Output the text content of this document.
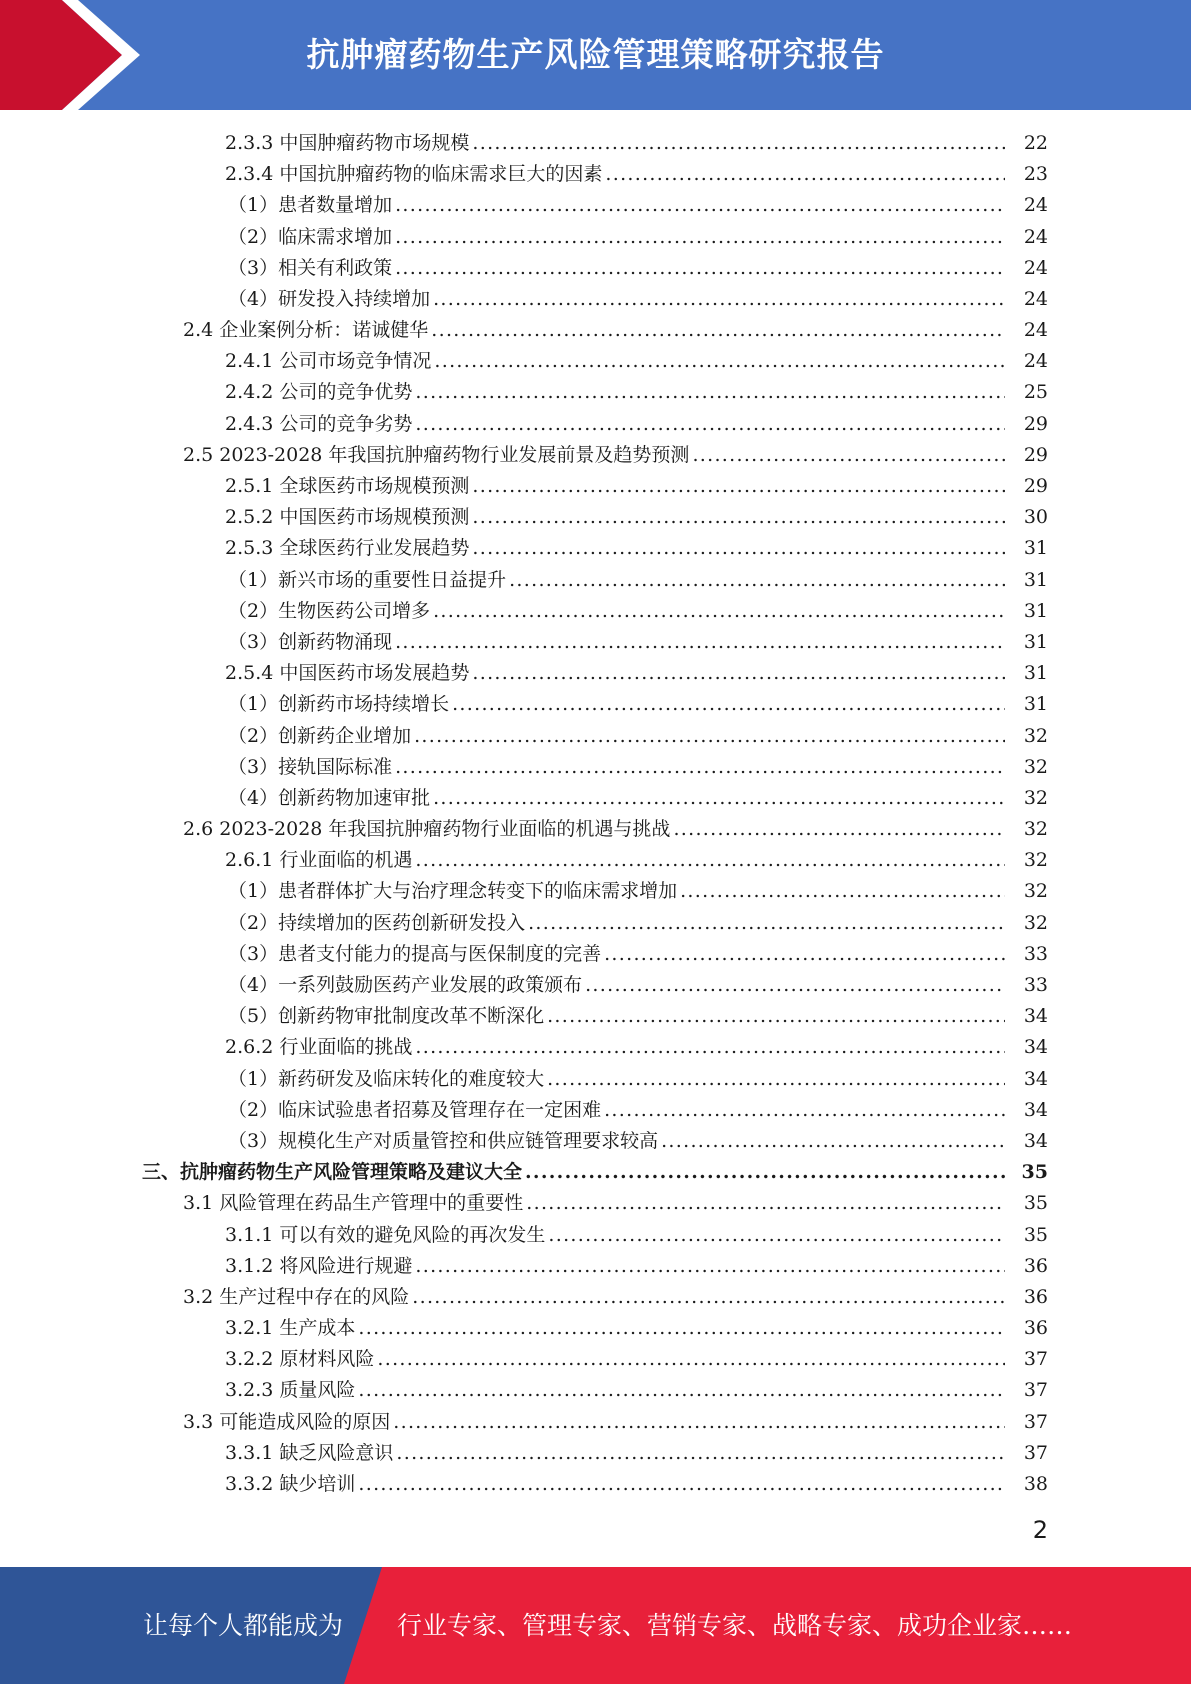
抗肿瘤药物生产风险管理策略研究报告
2.3.3 中国肿瘤药物市场规模 .....	22
2.3.4 中国抗肿瘤药物的临床需求巨大的因素 .....	23
（1）患者数量增加 .....	24
（2）临床需求增加 .....	24
（3）相关有利政策 .....	24
（4）研发投入持续增加 .....	24
2.4 企业案例分析：诺诚健华 .....	24
2.4.1 公司市场竞争情况 .....	24
2.4.2 公司的竞争优势 .....	25
2.4.3 公司的竞争劣势 .....	29
2.5 2023-2028 年我国抗肿瘤药物行业发展前景及趋势预测 .....	29
2.5.1 全球医药市场规模预测 .....	29
2.5.2 中国医药市场规模预测 .....	30
2.5.3 全球医药行业发展趋势 .....	31
（1）新兴市场的重要性日益提升 .....	31
（2）生物医药公司增多 .....	31
（3）创新药物涌现 .....	31
2.5.4 中国医药市场发展趋势 .....	31
（1）创新药市场持续增长 .....	31
（2）创新药企业增加 .....	32
（3）接轨国际标准 .....	32
（4）创新药物加速审批 .....	32
2.6 2023-2028 年我国抗肿瘤药物行业面临的机遇与挑战 .....	32
2.6.1 行业面临的机遇 .....	32
（1）患者群体扩大与治疗理念转变下的临床需求增加 .....	32
（2）持续增加的医药创新研发投入 .....	32
（3）患者支付能力的提高与医保制度的完善 .....	33
（4）一系列鼓励医药产业发展的政策颁布 .....	33
（5）创新药物审批制度改革不断深化 .....	34
2.6.2 行业面临的挑战 .....	34
（1）新药研发及临床转化的难度较大 .....	34
（2）临床试验患者招募及管理存在一定困难 .....	34
（3）规模化生产对质量管控和供应链管理要求较高 .....	34
三、抗肿瘤药物生产风险管理策略及建议大全 .....	35
3.1 风险管理在药品生产管理中的重要性 .....	35
3.1.1 可以有效的避免风险的再次发生 .....	35
3.1.2 将风险进行规避 .....	36
3.2 生产过程中存在的风险 .....	36
3.2.1 生产成本 .....	36
3.2.2 原材料风险 .....	37
3.2.3 质量风险 .....	37
3.3 可能造成风险的原因 .....	37
3.3.1 缺乏风险意识 .....	37
3.3.2 缺少培训 .....	38
2
让每个人都能成为 行业专家、管理专家、营销专家、战略专家、成功企业家……
